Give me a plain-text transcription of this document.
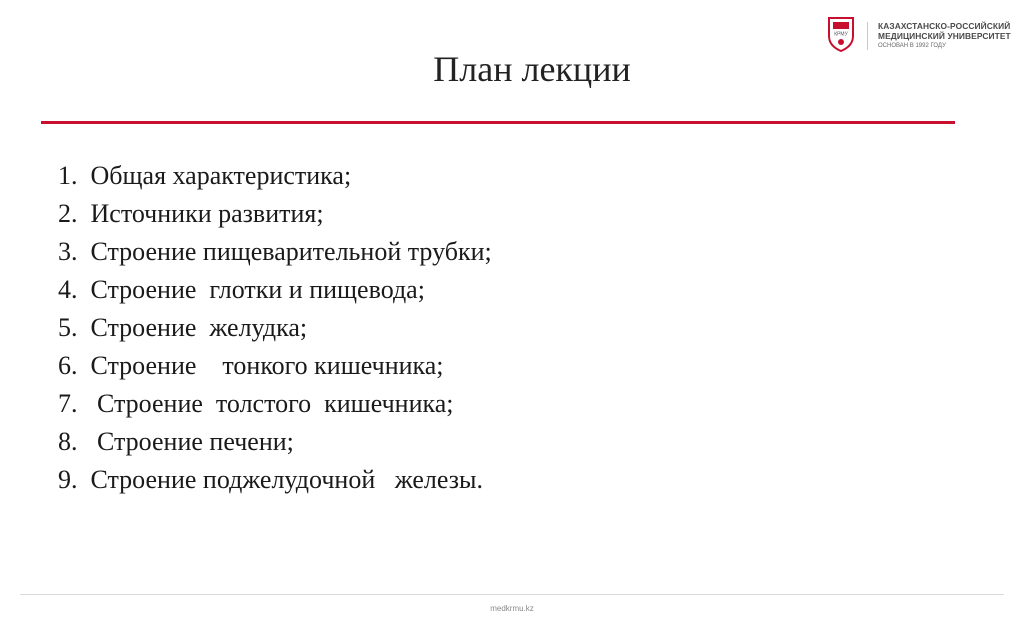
КРМУ
КАЗАХСТАНСКО-РОССИЙСКИЙ
МЕДИЦИНСКИЙ УНИВЕРСИТЕТ
ОСНОВАН В 1992 ГОДУ
План лекции
1.  Общая характеристика;
2.  Источники развития;
3.  Строение пищеварительной трубки;
4.  Строение  глотки и пищевода;
5.  Строение  желудка;
6.  Строение    тонкого кишечника;
7.   Строение  толстого  кишечника;
8.   Строение печени;
9.  Строение поджелудочной   железы.
medkrmu.kz
